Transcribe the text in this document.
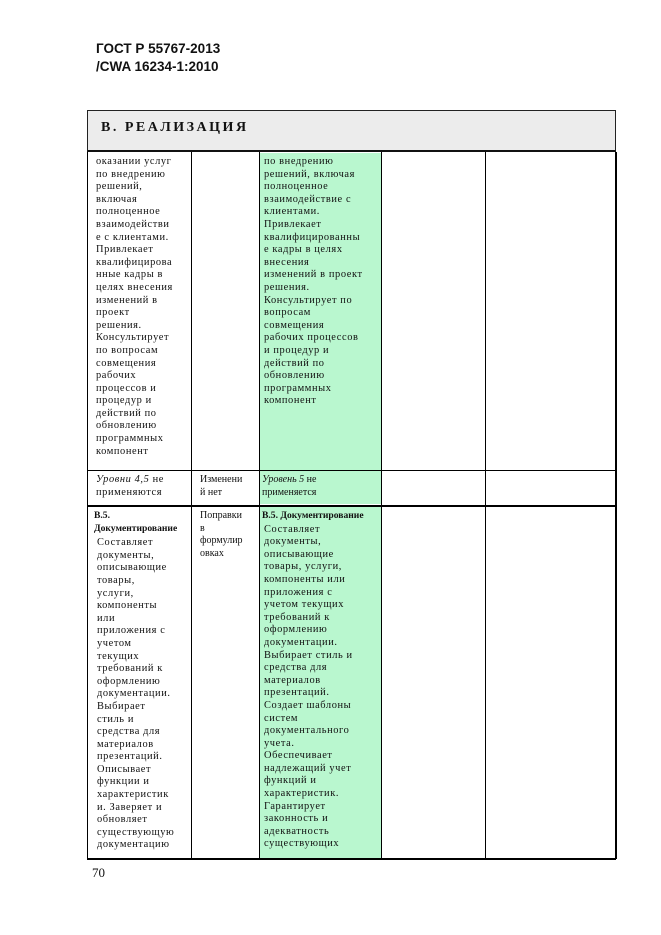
ГОСТ Р 55767-2013
/CWA 16234-1:2010
B. РЕАЛИЗАЦИЯ
оказании услуг
по внедрению
решений,
включая
полноценное
взаимодействи
е с клиентами.
Привлекает
квалифицирова
нные кадры в
целях внесения
изменений в
проект
решения.
Консультирует
по вопросам
совмещения
рабочих
процессов и
процедур и
действий по
обновлению
программных
компонент
по внедрению
решений, включая
полноценное
взаимодействие с
клиентами.
Привлекает
квалифицированны
е кадры в целях
внесения
изменений в проект
решения.
Консультирует по
вопросам
совмещения
рабочих процессов
и процедур и
действий по
обновлению
программных
компонент
Уровни 4,5 не
применяются
Изменени
й нет
Уровень 5 не
применяется
B.5.
Документирование
Составляет
документы,
описывающие
товары,
услуги,
компоненты
или
приложения с
учетом
текущих
требований к
оформлению
документации.
Выбирает
стиль и
средства для
материалов
презентаций.
Описывает
функции и
характеристик
и. Заверяет и
обновляет
существующую
документацию
Поправки
в
формулир
овках
B.5. Документирование
Составляет
документы,
описывающие
товары, услуги,
компоненты или
приложения с
учетом текущих
требований к
оформлению
документации.
Выбирает стиль и
средства для
материалов
презентаций.
Создает шаблоны
систем
документального
учета.
Обеспечивает
надлежащий учет
функций и
характеристик.
Гарантирует
законность и
адекватность
существующих
70
